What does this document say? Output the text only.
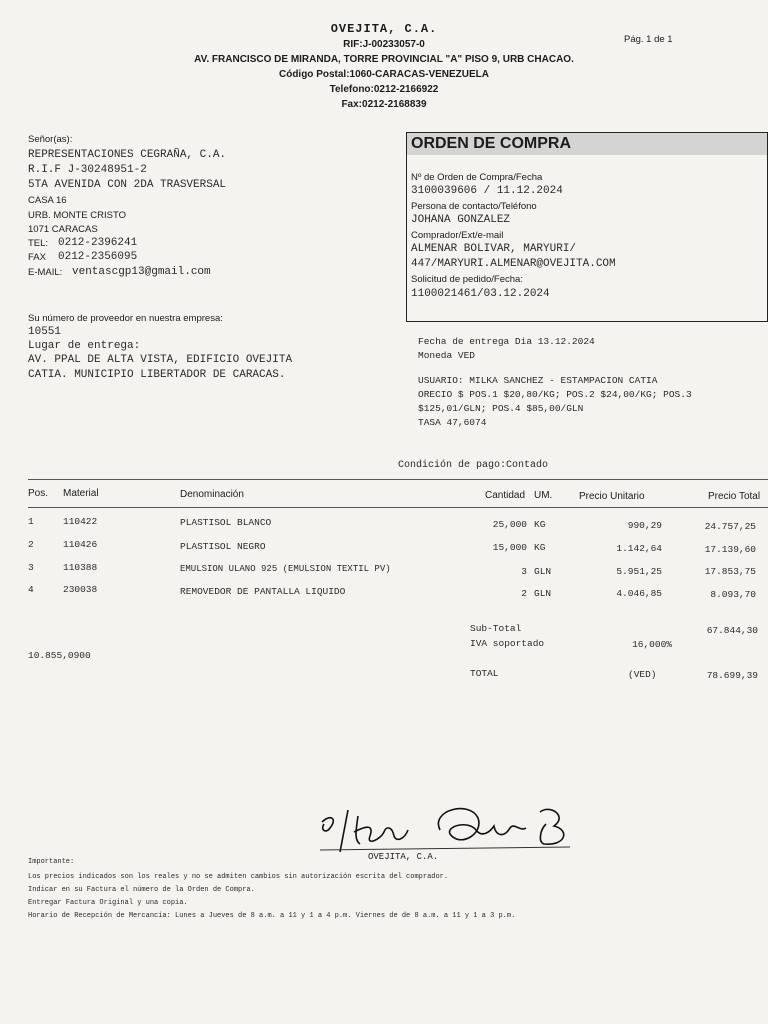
OVEJITA, C.A.
RIF:J-00233057-0
AV. FRANCISCO DE MIRANDA, TORRE PROVINCIAL "A" PISO 9, URB CHACAO.
Código Postal:1060-CARACAS-VENEZUELA
Telefono:0212-2166922
Fax:0212-2168839
Pág. 1 de 1
Señor(as):
REPRESENTACIONES CEGRAÑA, C.A.
R.I.F J-30248951-2
5TA AVENIDA CON 2DA TRASVERSAL
CASA 16
URB. MONTE CRISTO
1071 CARACAS
TEL: 0212-2396241
FAX 0212-2356095
E-MAIL: ventascgp13@gmail.com
ORDEN DE COMPRA
Nº de Orden de Compra/Fecha
3100039606 / 11.12.2024
Persona de contacto/Teléfono
JOHANA GONZALEZ
Comprador/Ext/e-mail
ALMENAR BOLIVAR, MARYURI/
447/MARYURI.ALMENAR@OVEJITA.COM
Solicitud de pedido/Fecha:
1100021461/03.12.2024
Su número de proveedor en nuestra empresa:
10551
Lugar de entrega:
AV. PPAL DE ALTA VISTA, EDIFICIO OVEJITA
CATIA. MUNICIPIO LIBERTADOR DE CARACAS.
Fecha de entrega Dia 13.12.2024
Moneda VED
USUARIO: MILKA SANCHEZ - ESTAMPACION CATIA
ORECIO $ POS.1 $20,80/KG; POS.2 $24,00/KG; POS.3
$125,01/GLN; POS.4 $85,00/GLN
TASA 47,6074
Condición de pago:Contado
Pos. Material	Denominación	Cantidad UM.	Precio Unitario	Precio Total
1	110422	PLASTISOL BLANCO	25,000 KG	990,29	24.757,25
2	110426	PLASTISOL NEGRO	15,000 KG	1.142,64	17.139,60
3	110388	EMULSION ULANO 925 (EMULSION TEXTIL PV)	3 GLN	5.951,25	17.853,75
4	230038	REMOVEDOR DE PANTALLA LIQUIDO	2 GLN	4.046,85	8.093,70
Sub-Total	67.844,30
IVA soportado	16,000%
10.855,0900
TOTAL	(VED)	78.699,39
OVEJITA, C.A.
Importante:
Los precios indicados son los reales y no se admiten cambios sin autorización escrita del comprador.
Indicar en su Factura el número de la Orden de Compra.
Entregar Factura Original y una copia.
Horario de Recepción de Mercancía: Lunes a Jueves de 8 a.m. a 11 y 1 a 4 p.m. Viernes de de 8 a.m. a 11 y 1 a 3 p.m.
